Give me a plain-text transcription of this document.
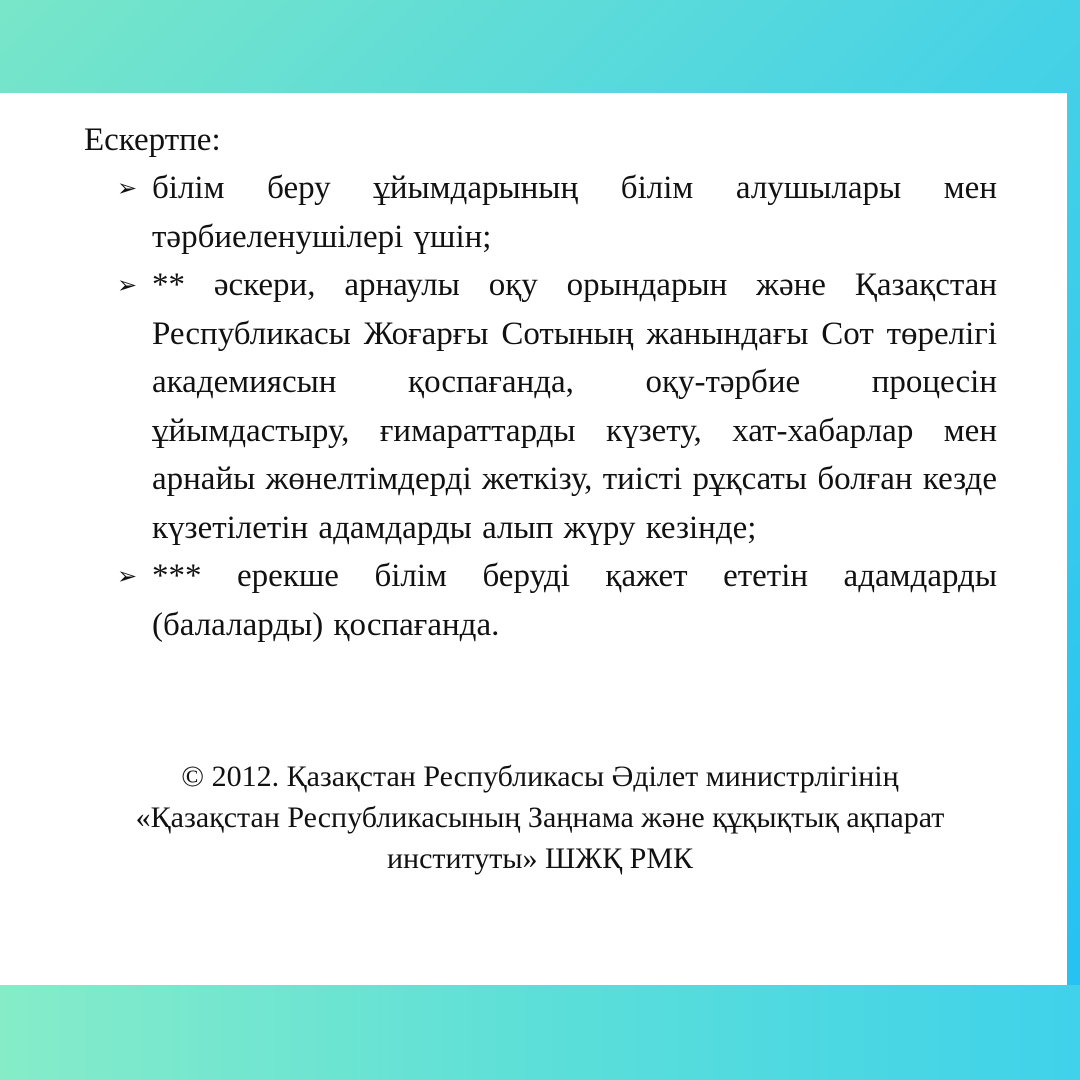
Ескертпе:
➢ білім беру ұйымдарының білім алушылары мен тәрбиеленушілері үшін;
➢ ** әскери, арнаулы оқу орындарын және Қазақстан Республикасы Жоғарғы Сотының жанындағы Сот төрелігі академиясын қоспағанда, оқу-тәрбие процесін ұйымдастыру, ғимараттарды күзету, хат-хабарлар мен арнайы жөнелтімдерді жеткізу, тиісті рұқсаты болған кезде күзетілетін адамдарды алып жүру кезінде;
➢ *** ерекше білім беруді қажет ететін адамдарды (балаларды) қоспағанда.
© 2012. Қазақстан Республикасы Әділет министрлігінің
«Қазақстан Республикасының Заңнама және құқықтық ақпарат
институты» ШЖҚ РМК
